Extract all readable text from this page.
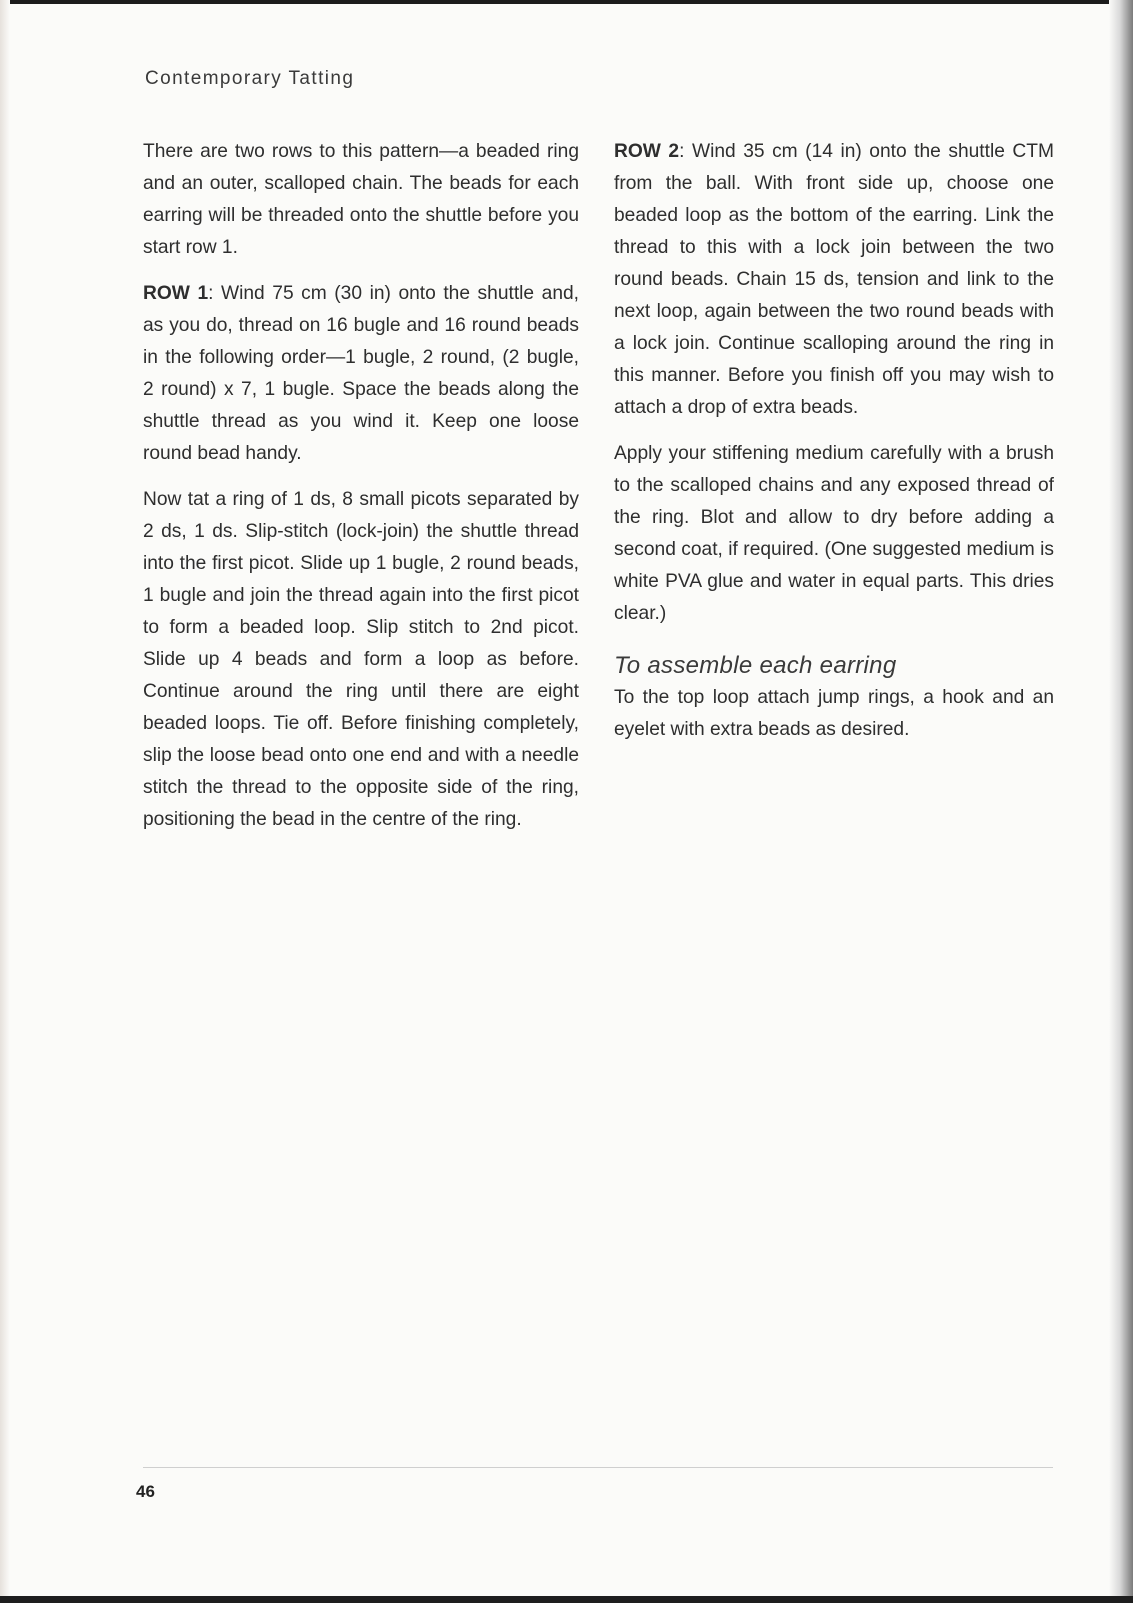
Contemporary Tatting

There are two rows to this pattern—a beaded ring and an outer, scalloped chain. The beads for each earring will be threaded onto the shuttle before you start row 1.

ROW 1: Wind 75 cm (30 in) onto the shuttle and, as you do, thread on 16 bugle and 16 round beads in the following order—1 bugle, 2 round, (2 bugle, 2 round) x 7, 1 bugle. Space the beads along the shuttle thread as you wind it. Keep one loose round bead handy.

Now tat a ring of 1 ds, 8 small picots separated by 2 ds, 1 ds. Slip-stitch (lock-join) the shuttle thread into the first picot. Slide up 1 bugle, 2 round beads, 1 bugle and join the thread again into the first picot to form a beaded loop. Slip stitch to 2nd picot. Slide up 4 beads and form a loop as before. Continue around the ring until there are eight beaded loops. Tie off. Before finishing completely, slip the loose bead onto one end and with a needle stitch the thread to the opposite side of the ring, positioning the bead in the centre of the ring.

ROW 2: Wind 35 cm (14 in) onto the shuttle CTM from the ball. With front side up, choose one beaded loop as the bottom of the earring. Link the thread to this with a lock join between the two round beads. Chain 15 ds, tension and link to the next loop, again between the two round beads with a lock join. Continue scalloping around the ring in this manner. Before you finish off you may wish to attach a drop of extra beads.

Apply your stiffening medium carefully with a brush to the scalloped chains and any exposed thread of the ring. Blot and allow to dry before adding a second coat, if required. (One suggested medium is white PVA glue and water in equal parts. This dries clear.)

To assemble each earring

To the top loop attach jump rings, a hook and an eyelet with extra beads as desired.

46
